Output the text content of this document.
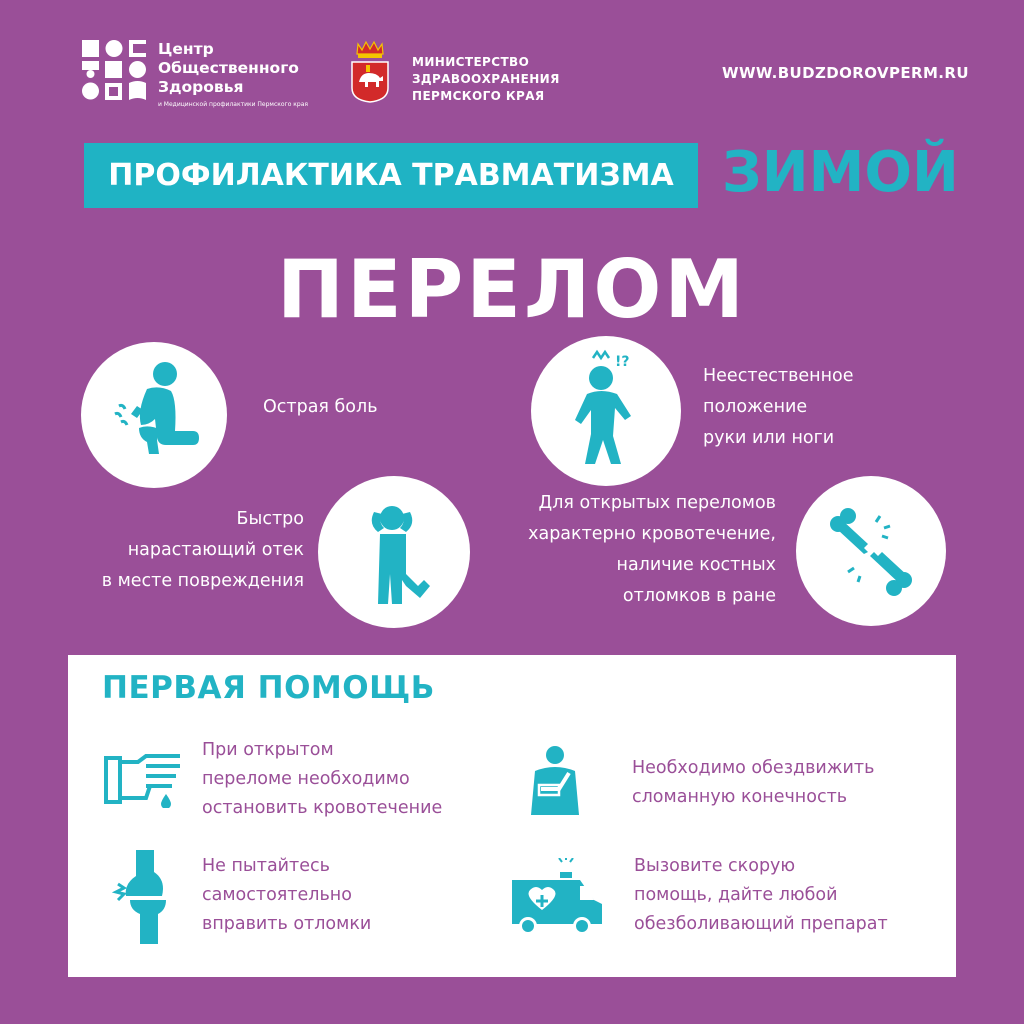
Центр
Общественного
Здоровья
и Медицинской профилактики Пермского края
МИНИСТЕРСТВО
ЗДРАВООХРАНЕНИЯ
ПЕРМСКОГО КРАЯ
WWW.BUDZDOROVPERM.RU
ПРОФИЛАКТИКА ТРАВМАТИЗМА ЗИМОЙ
ПЕРЕЛОМ
Острая боль
!?
Неестественное
положение
руки или ноги
Быстро
нарастающий отек
в месте повреждения
Для открытых переломов
характерно кровотечение,
наличие костных
отломков в ране
ПЕРВАЯ ПОМОЩЬ
При открытом
переломе необходимо
остановить кровотечение
Необходимо обездвижить
сломанную конечность
Не пытайтесь
самостоятельно
вправить отломки
Вызовите скорую
помощь, дайте любой
обезболивающий препарат
